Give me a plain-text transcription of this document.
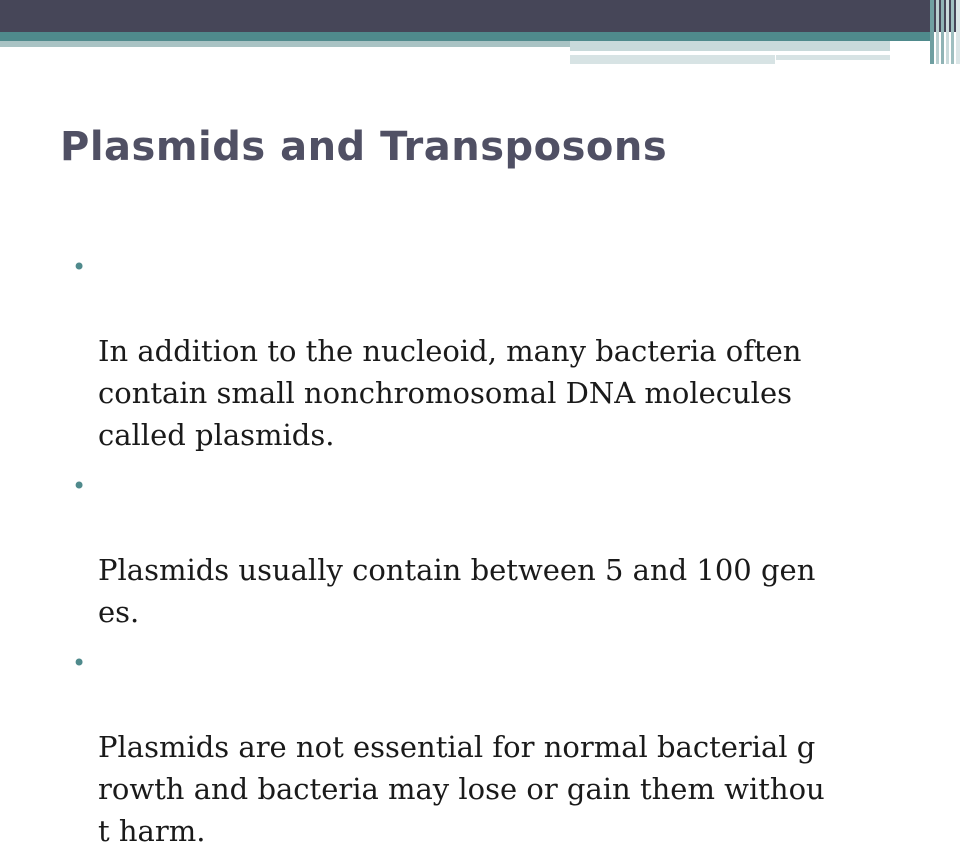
Plasmids and Transposons

•

In addition to the nucleoid, many bacteria often
contain small nonchromosomal DNA molecules
called plasmids.

•

Plasmids usually contain between 5 and 100 gen
es.

•

Plasmids are not essential for normal bacterial g
rowth and bacteria may lose or gain them withou
t harm.
